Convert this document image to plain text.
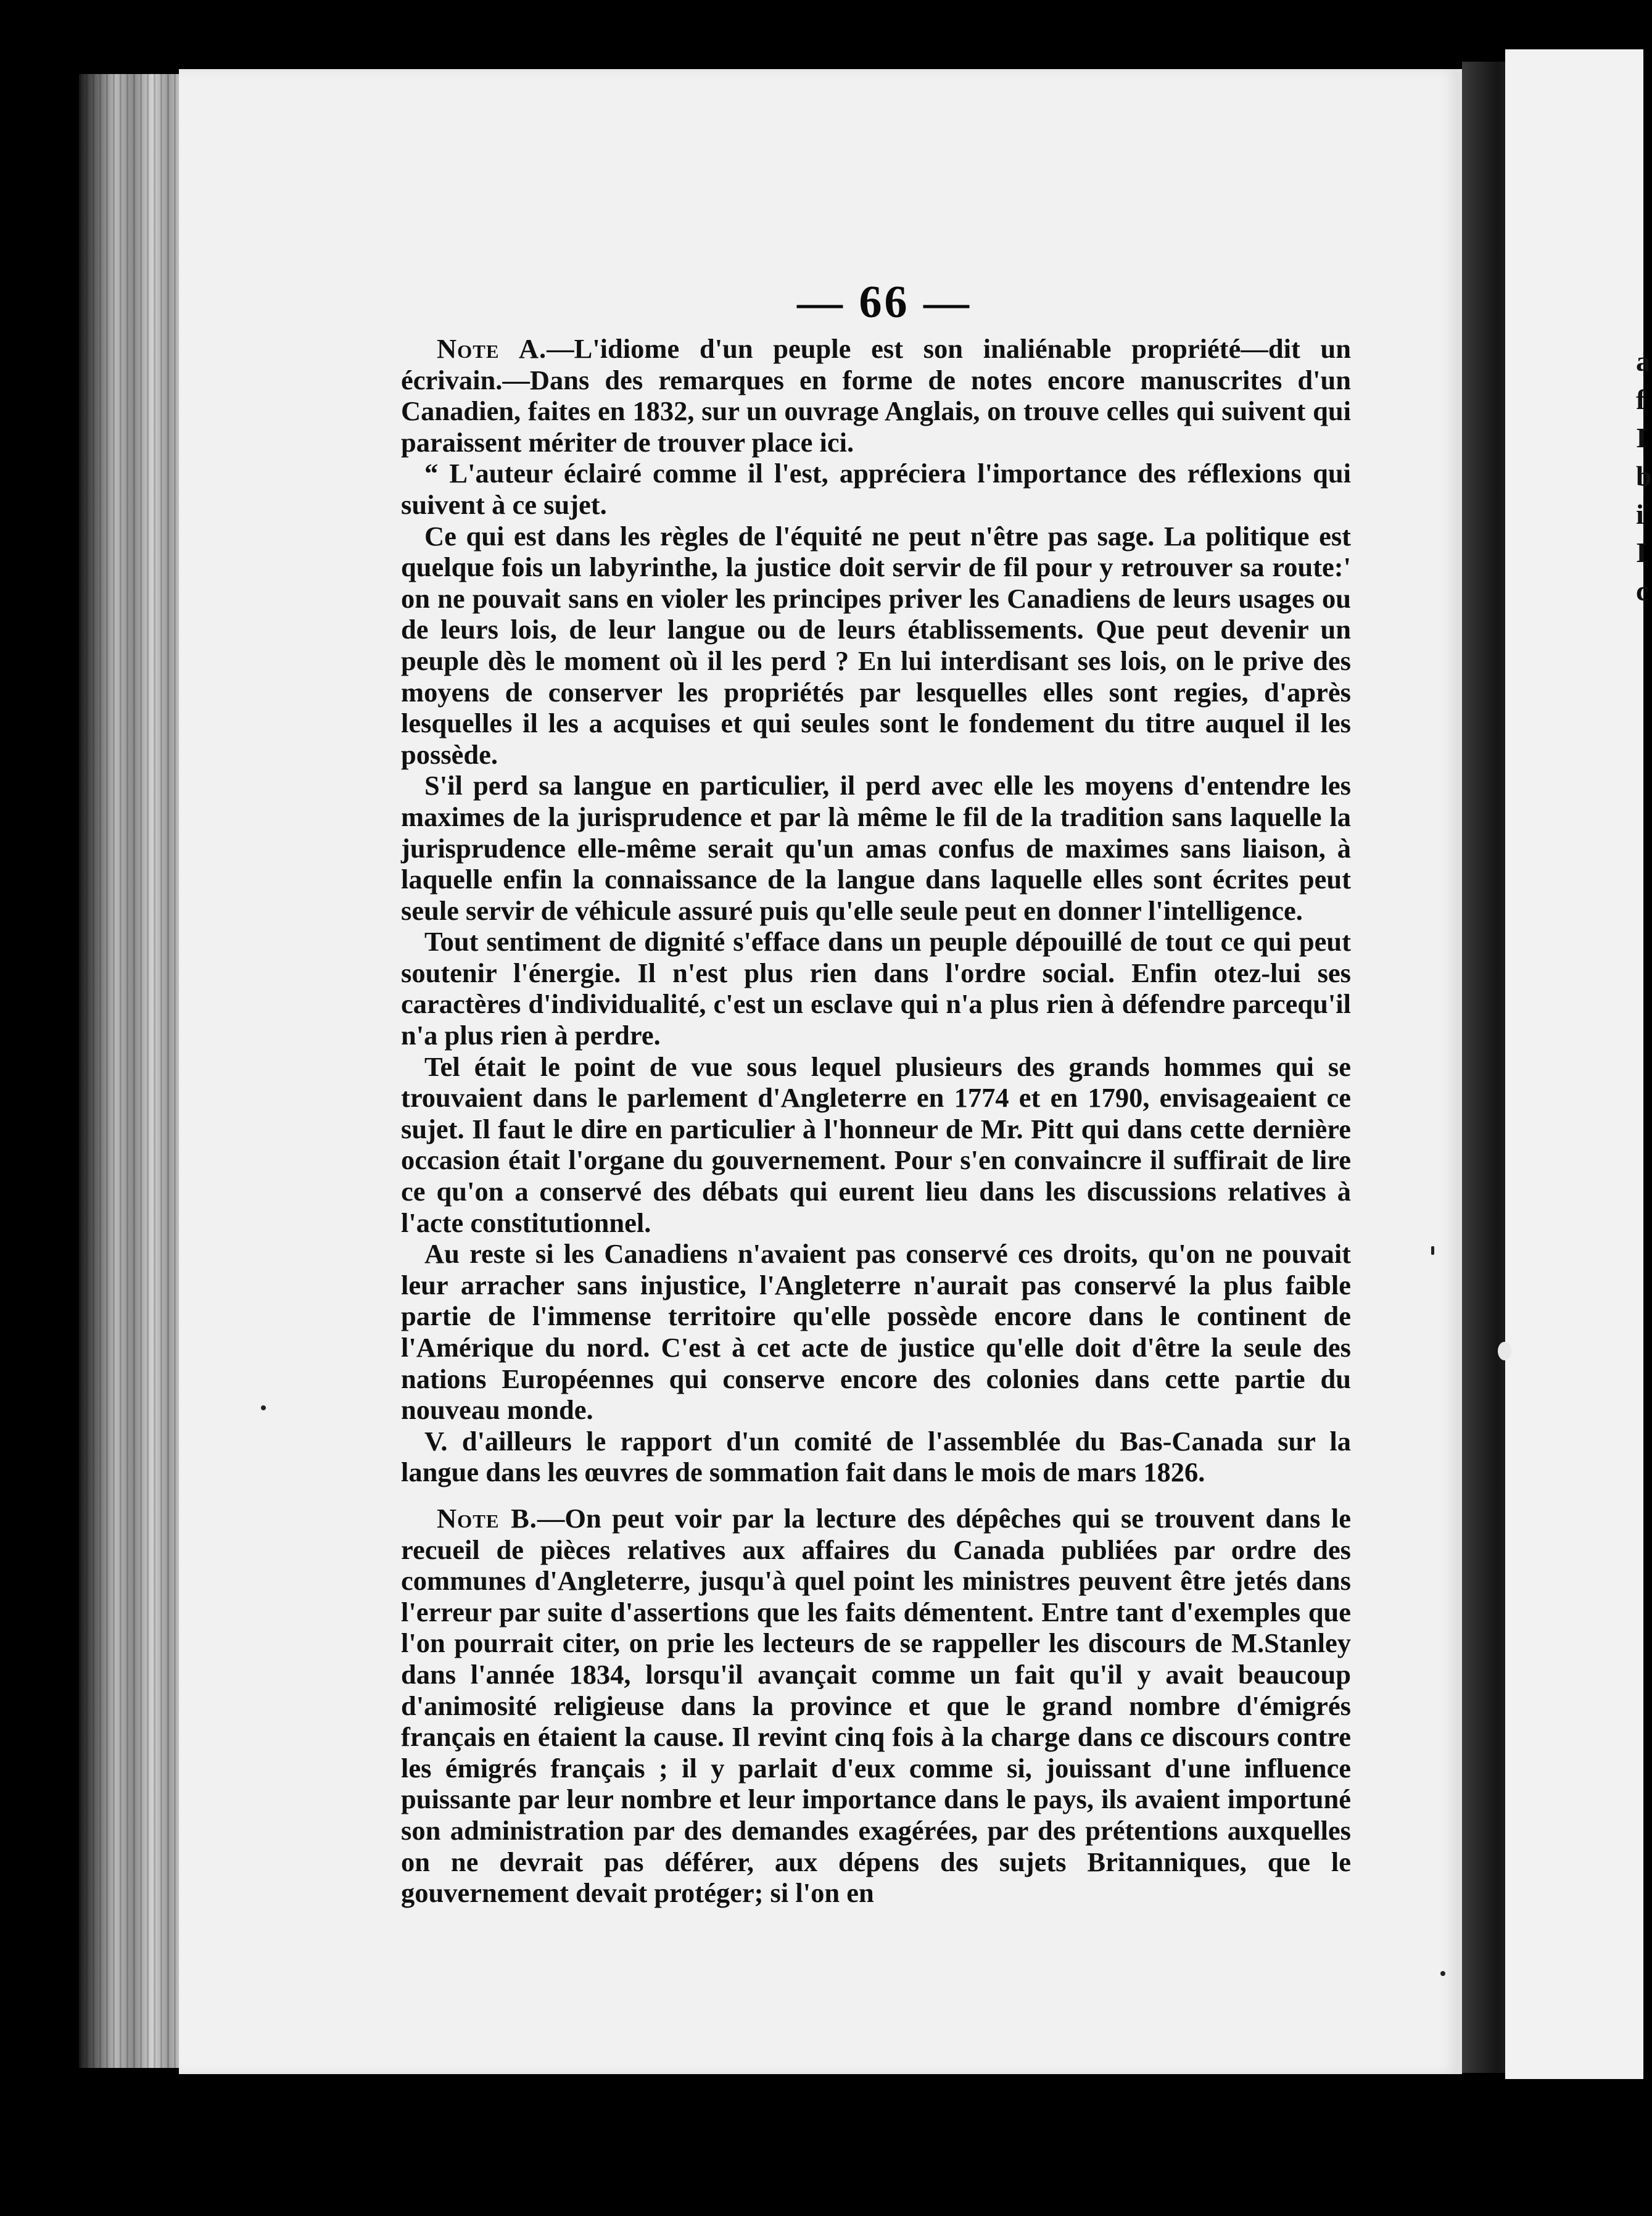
a f I b i I c
— 66 —

Note A.—L'idiome d'un peuple est son inaliénable propriété—dit un écrivain.—Dans des remarques en forme de notes encore manuscrites d'un Canadien, faites en 1832, sur un ouvrage Anglais, on trouve celles qui suivent qui paraissent mériter de trouver place ici.

“ L'auteur éclairé comme il l'est, appréciera l'importance des réflexions qui suivent à ce sujet.

Ce qui est dans les règles de l'équité ne peut n'être pas sage. La politique est quelque fois un labyrinthe, la justice doit servir de fil pour y retrouver sa route:' on ne pouvait sans en violer les principes priver les Canadiens de leurs usages ou de leurs lois, de leur langue ou de leurs établissements. Que peut devenir un peuple dès le moment où il les perd ? En lui interdisant ses lois, on le prive des moyens de conserver les propriétés par lesquelles elles sont regies, d'après lesquelles il les a acquises et qui seules sont le fondement du titre auquel il les possède.

S'il perd sa langue en particulier, il perd avec elle les moyens d'entendre les maximes de la jurisprudence et par là même le fil de la tradition sans laquelle la jurisprudence elle-même serait qu'un amas confus de maximes sans liaison, à laquelle enfin la connaissance de la langue dans laquelle elles sont écrites peut seule servir de véhicule assuré puis qu'elle seule peut en donner l'intelligence.

Tout sentiment de dignité s'efface dans un peuple dépouillé de tout ce qui peut soutenir l'énergie. Il n'est plus rien dans l'ordre social. Enfin otez-lui ses caractères d'individualité, c'est un esclave qui n'a plus rien à défendre parcequ'il n'a plus rien à perdre.

Tel était le point de vue sous lequel plusieurs des grands hommes qui se trouvaient dans le parlement d'Angleterre en 1774 et en 1790, envisageaient ce sujet. Il faut le dire en particulier à l'honneur de Mr. Pitt qui dans cette dernière occasion était l'organe du gouvernement. Pour s'en convaincre il suffirait de lire ce qu'on a conservé des débats qui eurent lieu dans les discussions relatives à l'acte constitutionnel.

Au reste si les Canadiens n'avaient pas conservé ces droits, qu'on ne pouvait leur arracher sans injustice, l'Angleterre n'aurait pas conservé la plus faible partie de l'immense territoire qu'elle possède encore dans le continent de l'Amérique du nord. C'est à cet acte de justice qu'elle doit d'être la seule des nations Européennes qui conserve encore des colonies dans cette partie du nouveau monde.

V. d'ailleurs le rapport d'un comité de l'assemblée du Bas-Canada sur la langue dans les œuvres de sommation fait dans le mois de mars 1826.

Note B.—On peut voir par la lecture des dépêches qui se trouvent dans le recueil de pièces relatives aux affaires du Canada publiées par ordre des communes d'Angleterre, jusqu'à quel point les ministres peuvent être jetés dans l'erreur par suite d'assertions que les faits démentent. Entre tant d'exemples que l'on pourrait citer, on prie les lecteurs de se rappeller les discours de M.Stanley dans l'année 1834, lorsqu'il avançait comme un fait qu'il y avait beaucoup d'animosité religieuse dans la province et que le grand nombre d'émigrés français en étaient la cause. Il revint cinq fois à la charge dans ce discours contre les émigrés français ; il y parlait d'eux comme si, jouissant d'une influence puissante par leur nombre et leur importance dans le pays, ils avaient importuné son administration par des demandes exagérées, par des prétentions auxquelles on ne devrait pas déférer, aux dépens des sujets Britanniques, que le gouvernement devait protéger; si l'on en
